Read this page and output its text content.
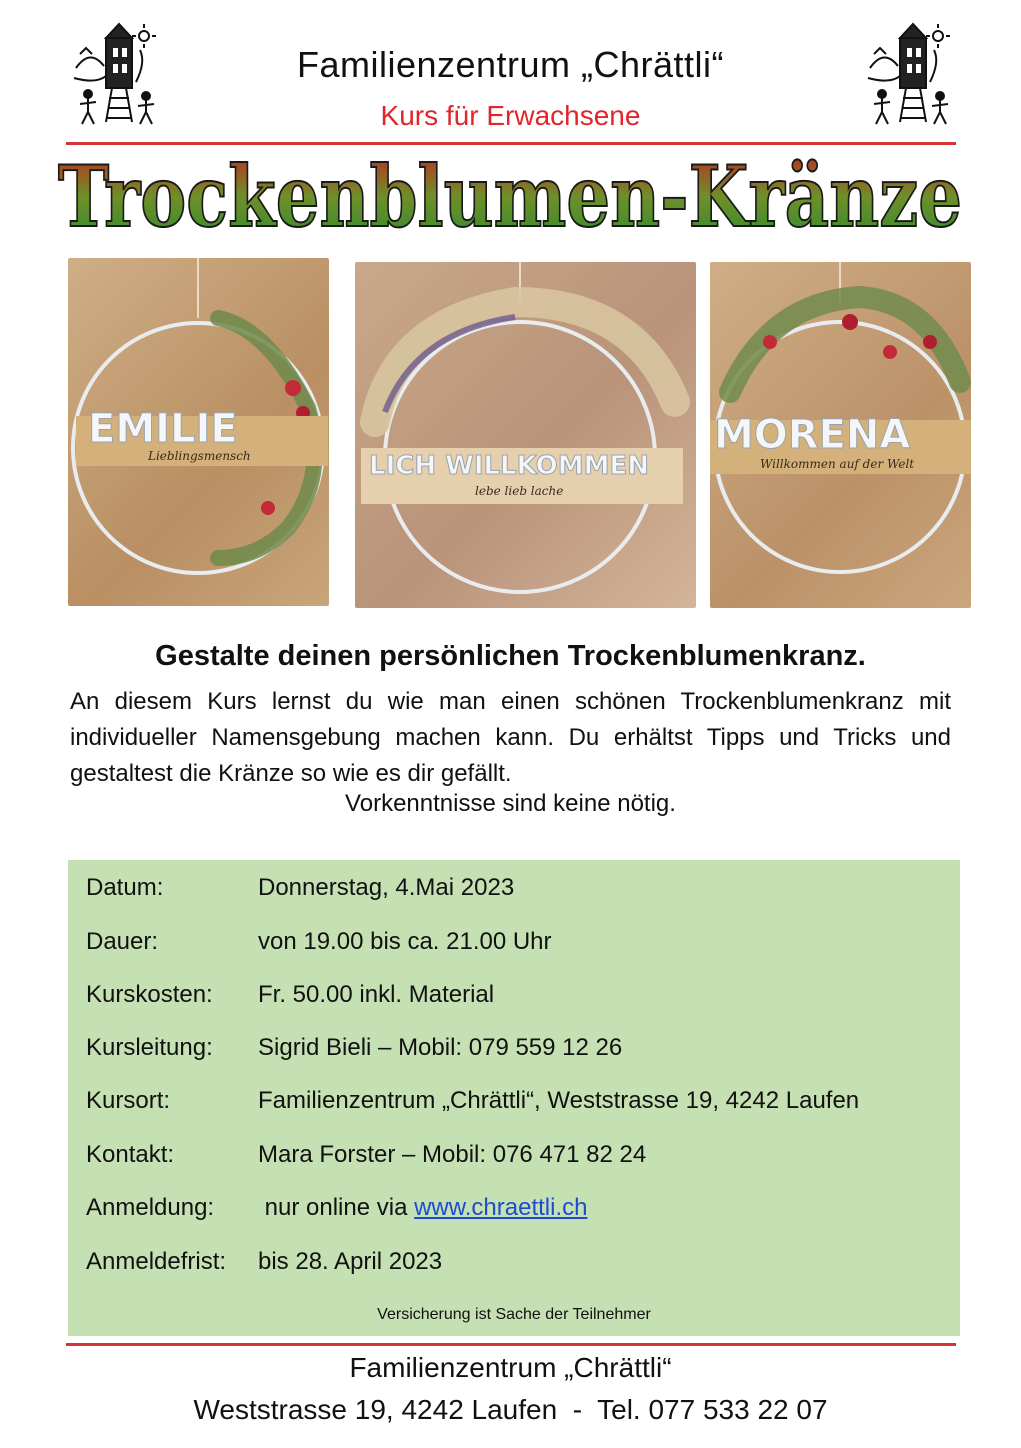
Familienzentrum „Chrättli“
Kurs für Erwachsene
Trockenblumen-Kränze
EMILIE
Lieblingsmensch	LICH WILLKOMMEN
lebe lieb lache
MORENA
Willkommen auf der Welt
Gestalte deinen persönlichen Trockenblumenkranz.
An diesem Kurs lernst du wie man einen schönen Trockenblumenkranz mit individueller Namensgebung machen kann. Du erhältst Tipps und Tricks und gestaltest die Kränze so wie es dir gefällt.
Vorkenntnisse sind keine nötig.
Datum:	Donnerstag, 4.Mai 2023
Dauer:	von 19.00 bis ca. 21.00 Uhr
Kurskosten: Fr. 50.00 inkl. Material
Kursleitung: Sigrid Bieli – Mobil: 079 559 12 26
Kursort:	Familienzentrum „Chrättli“, Weststrasse 19, 4242 Laufen
Kontakt:	Mara Forster – Mobil: 076 471 82 24
Anmeldung: nur online via www.chraettli.ch
Anmeldefrist: bis 28. April 2023
Versicherung ist Sache der Teilnehmer
Familienzentrum „Chrättli“
Weststrasse 19, 4242 Laufen  -  Tel. 077 533 22 07
